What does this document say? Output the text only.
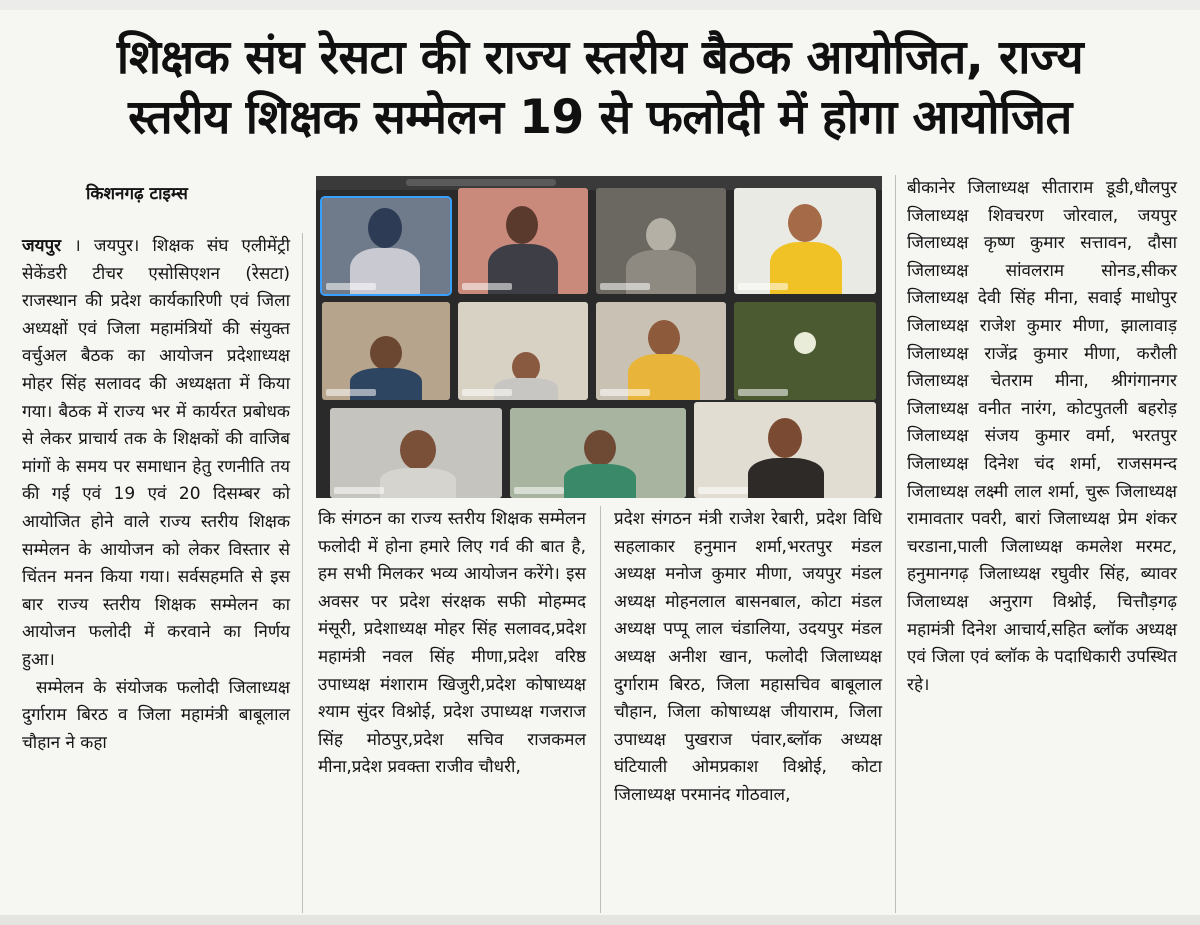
शिक्षक संघ रेसटा की राज्य स्तरीय बैठक आयोजित, राज्य
स्तरीय शिक्षक सम्मेलन 19 से फलोदी में होगा आयोजित
किशनगढ़ टाइम्स

जयपुर । जयपुर। शिक्षक संघ एलीमेंट्री सेकेंडरी टीचर एसोसिएशन (रेसटा) राजस्थान की प्रदेश कार्यकारिणी एवं जिला अध्यक्षों एवं जिला महामंत्रियों की संयुक्त वर्चुअल बैठक का आयोजन प्रदेशाध्यक्ष मोहर सिंह सलावद की अध्यक्षता में किया गया। बैठक में राज्य भर में कार्यरत प्रबोधक से लेकर प्राचार्य तक के शिक्षकों की वाजिब मांगों के समय पर समाधान हेतु रणनीति तय की गई एवं 19 एवं 20 दिसम्बर को आयोजित होने वाले राज्य स्तरीय शिक्षक सम्मेलन के आयोजन को लेकर विस्तार से चिंतन मनन किया गया। सर्वसहमति से इस बार राज्य स्तरीय शिक्षक सम्मेलन का आयोजन फलोदी में करवाने का निर्णय हुआ।

सम्मेलन के संयोजक फलोदी जिलाध्यक्ष दुर्गाराम बिरठ व जिला महामंत्री बाबूलाल चौहान ने कहा

कि संगठन का राज्य स्तरीय शिक्षक सम्मेलन फलोदी में होना हमारे लिए गर्व की बात है, हम सभी मिलकर भव्य आयोजन करेंगे। इस अवसर पर प्रदेश संरक्षक सफी मोहम्मद मंसूरी, प्रदेशाध्यक्ष मोहर सिंह सलावद,प्रदेश महामंत्री नवल सिंह मीणा,प्रदेश वरिष्ठ उपाध्यक्ष मंशाराम खिजुरी,प्रदेश कोषाध्यक्ष श्याम सुंदर विश्नोई, प्रदेश उपाध्यक्ष गजराज सिंह मोठपुर,प्रदेश सचिव राजकमल मीना,प्रदेश प्रवक्ता राजीव चौधरी,

प्रदेश संगठन मंत्री राजेश रेबारी, प्रदेश विधि सहलाकार हनुमान शर्मा,भरतपुर मंडल अध्यक्ष मनोज कुमार मीणा, जयपुर मंडल अध्यक्ष मोहनलाल बासनबाल, कोटा मंडल अध्यक्ष पप्पू लाल चंडालिया, उदयपुर मंडल अध्यक्ष अनीश खान, फलोदी जिलाध्यक्ष दुर्गाराम बिरठ, जिला महासचिव बाबूलाल चौहान, जिला कोषाध्यक्ष जीयाराम, जिला उपाध्यक्ष पुखराज पंवार,ब्लॉक अध्यक्ष घंटियाली ओमप्रकाश विश्नोई, कोटा जिलाध्यक्ष परमानंद गोठवाल,

बीकानेर जिलाध्यक्ष सीताराम डूडी,धौलपुर जिलाध्यक्ष शिवचरण जोरवाल, जयपुर जिलाध्यक्ष कृष्ण कुमार सत्तावन, दौसा जिलाध्यक्ष सांवलराम सोनड,सीकर जिलाध्यक्ष देवी सिंह मीना, सवाई माधोपुर जिलाध्यक्ष राजेश कुमार मीणा, झालावाड़ जिलाध्यक्ष राजेंद्र कुमार मीणा, करौली जिलाध्यक्ष चेतराम मीना, श्रीगंगानगर जिलाध्यक्ष वनीत नारंग, कोटपुतली बहरोड़ जिलाध्यक्ष संजय कुमार वर्मा, भरतपुर जिलाध्यक्ष दिनेश चंद शर्मा, राजसमन्द जिलाध्यक्ष लक्ष्मी लाल शर्मा, चुरू जिलाध्यक्ष रामावतार पवरी, बारां जिलाध्यक्ष प्रेम शंकर चरडाना,पाली जिलाध्यक्ष कमलेश मरमट, हनुमानगढ़ जिलाध्यक्ष रघुवीर सिंह, ब्यावर जिलाध्यक्ष अनुराग विश्नोई, चित्तौड़गढ़ महामंत्री दिनेश आचार्य,सहित ब्लॉक अध्यक्ष एवं जिला एवं ब्लॉक के पदाधिकारी उपस्थित रहे।
